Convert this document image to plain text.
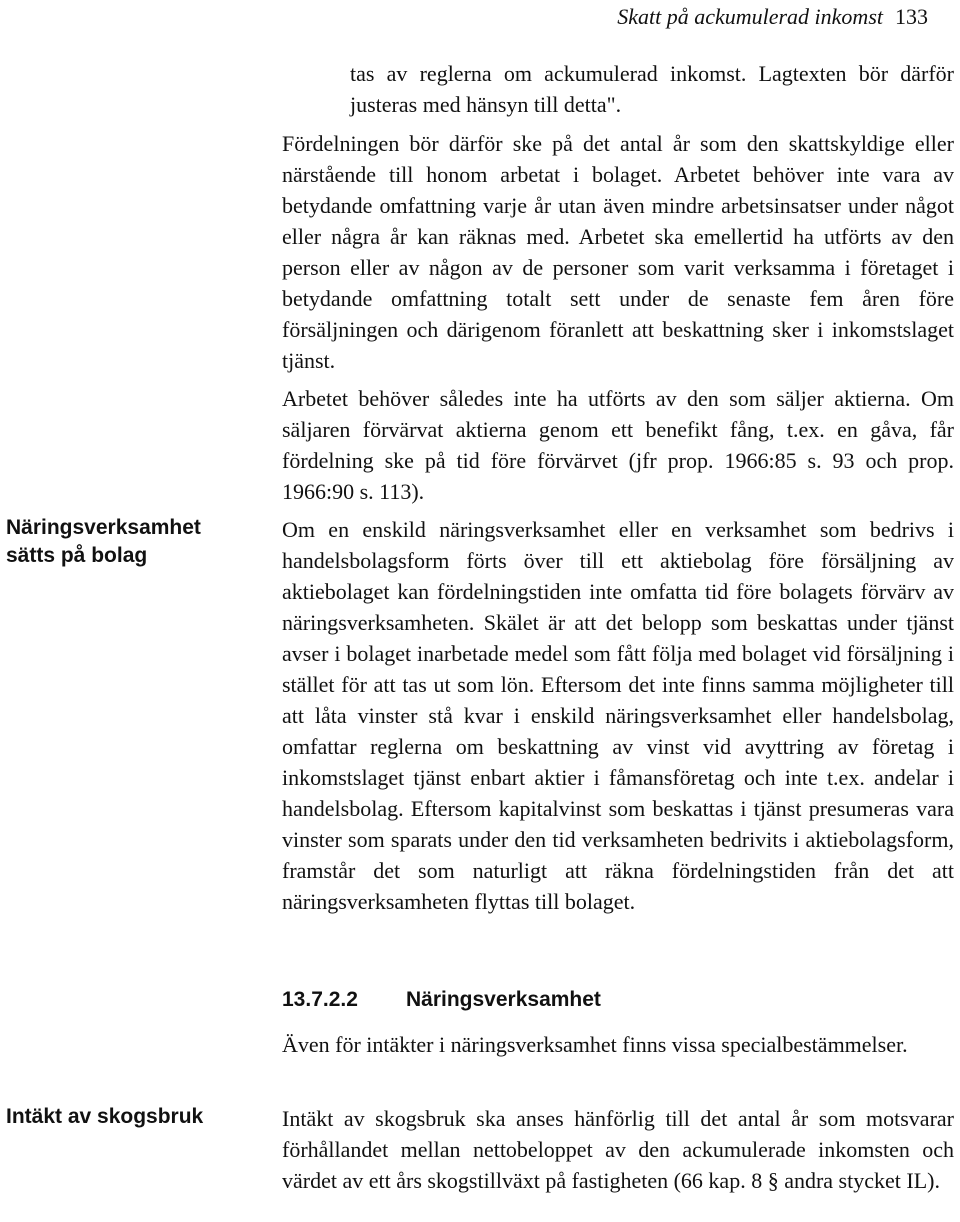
Skatt på ackumulerad inkomst 133

tas av reglerna om ackumulerad inkomst. Lagtexten bör därför justeras med hänsyn till detta".

Fördelningen bör därför ske på det antal år som den skattskyldige eller närstående till honom arbetat i bolaget. Arbetet behöver inte vara av betydande omfattning varje år utan även mindre arbetsinsatser under något eller några år kan räknas med. Arbetet ska emellertid ha utförts av den person eller av någon av de personer som varit verksamma i företaget i betydande omfattning totalt sett under de senaste fem åren före försäljningen och därigenom föranlett att beskattning sker i inkomstslaget tjänst.

Arbetet behöver således inte ha utförts av den som säljer aktierna. Om säljaren förvärvat aktierna genom ett benefikt fång, t.ex. en gåva, får fördelning ske på tid före förvärvet (jfr prop. 1966:85 s. 93 och prop. 1966:90 s. 113).

Näringsverksamhet sätts på bolag

Om en enskild näringsverksamhet eller en verksamhet som bedrivs i handelsbolagsform förts över till ett aktiebolag före försäljning av aktiebolaget kan fördelningstiden inte omfatta tid före bolagets förvärv av näringsverksamheten. Skälet är att det belopp som beskattas under tjänst avser i bolaget inarbetade medel som fått följa med bolaget vid försäljning i stället för att tas ut som lön. Eftersom det inte finns samma möjligheter till att låta vinster stå kvar i enskild näringsverksamhet eller handelsbolag, omfattar reglerna om beskattning av vinst vid avyttring av företag i inkomstslaget tjänst enbart aktier i fåmansföretag och inte t.ex. andelar i handelsbolag. Eftersom kapitalvinst som beskattas i tjänst presumeras vara vinster som sparats under den tid verksamheten bedrivits i aktiebolagsform, framstår det som naturligt att räkna fördelningstiden från det att näringsverksamheten flyttas till bolaget.

13.7.2.2 Näringsverksamhet

Även för intäkter i näringsverksamhet finns vissa specialbestämmelser.

Intäkt av skogsbruk	Intäkt av skogsbruk ska anses hänförlig till det antal år som motsvarar förhållandet mellan nettobeloppet av den ackumulerade inkomsten och värdet av ett års skogstillväxt på fastigheten (66 kap. 8 § andra stycket IL).
